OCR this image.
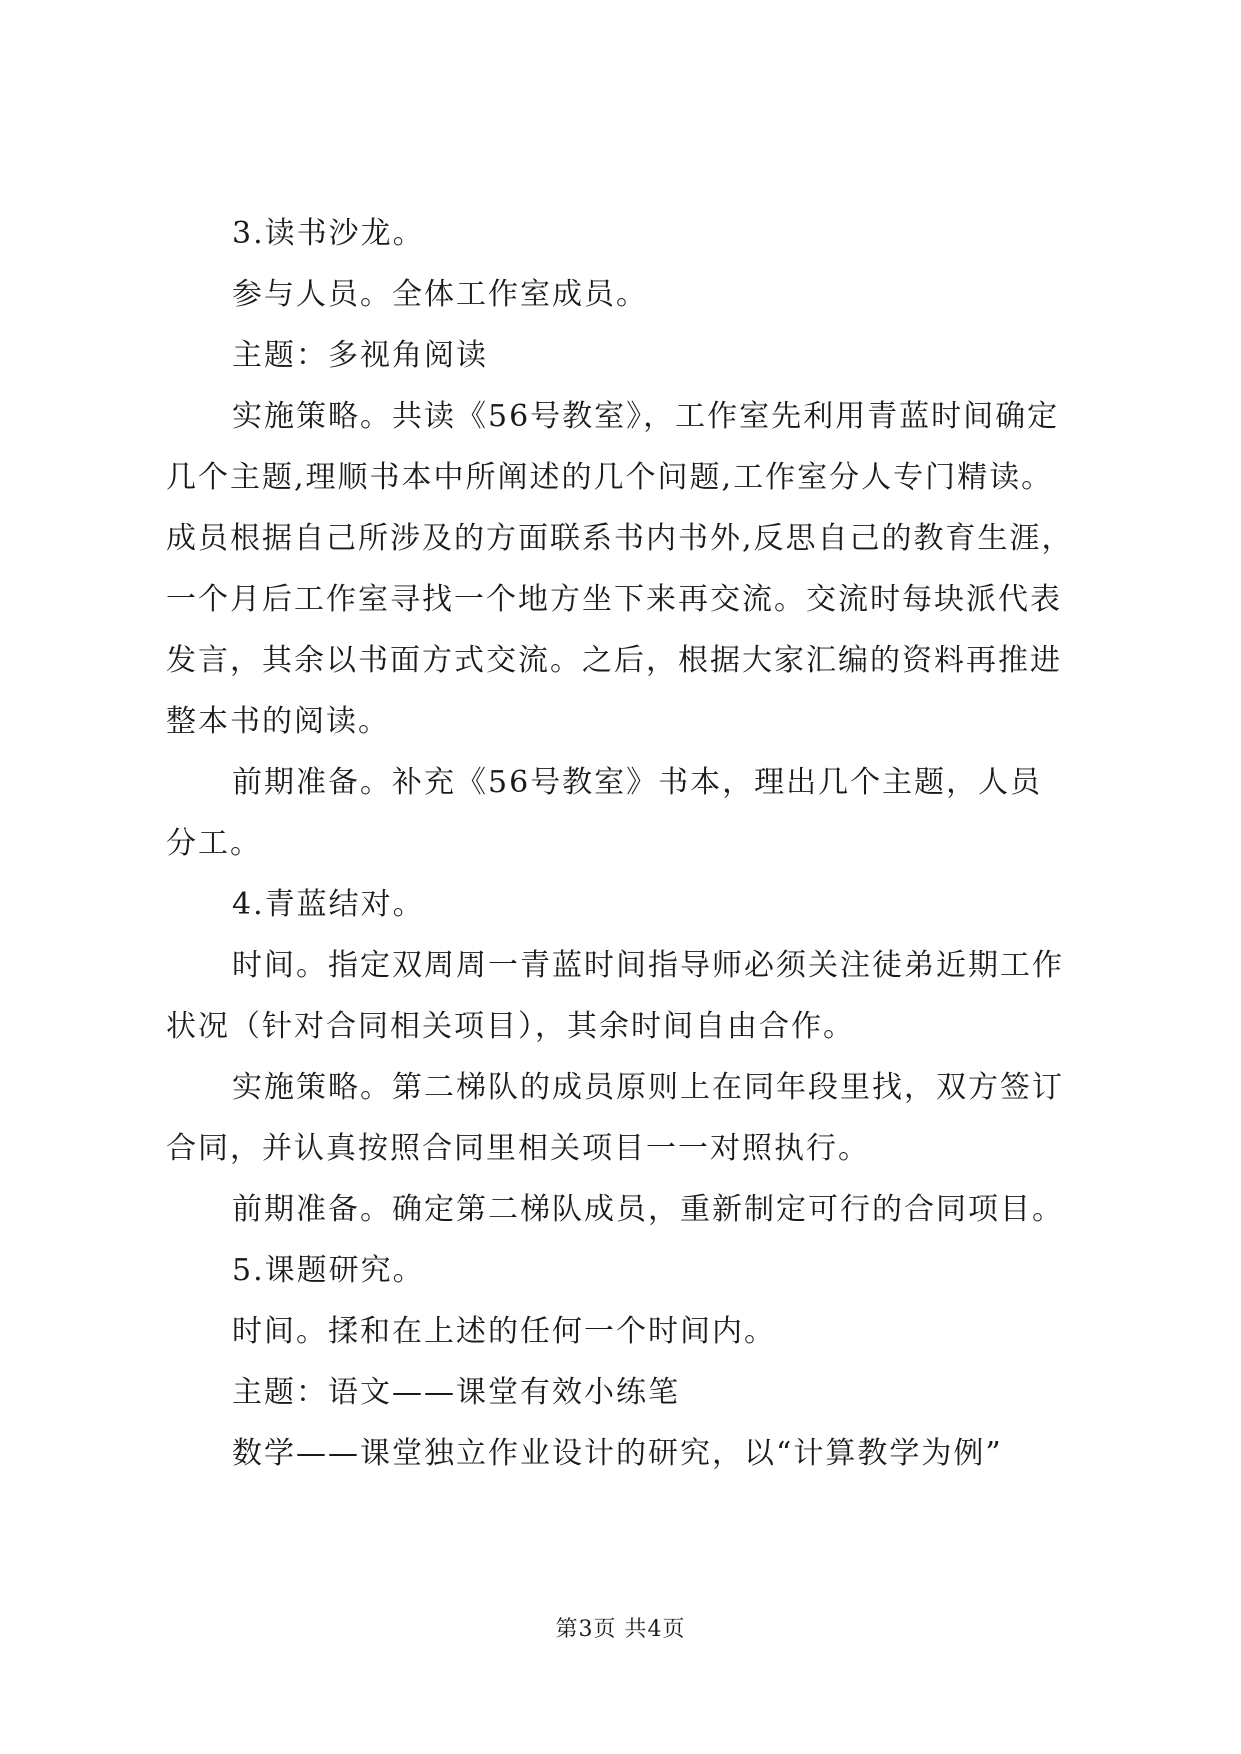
3.读书沙龙。
参与人员。全体工作室成员。
主题：多视角阅读
实施策略。共读《56号教室》，工作室先利用青蓝时间确定
几个主题,理顺书本中所阐述的几个问题,工作室分人专门精读。
成员根据自己所涉及的方面联系书内书外,反思自己的教育生涯，
一个月后工作室寻找一个地方坐下来再交流。交流时每块派代表
发言，其余以书面方式交流。之后，根据大家汇编的资料再推进
整本书的阅读。
前期准备。补充《56号教室》书本，理出几个主题，人员
分工。
4.青蓝结对。
时间。指定双周周一青蓝时间指导师必须关注徒弟近期工作
状况（针对合同相关项目），其余时间自由合作。
实施策略。第二梯队的成员原则上在同年段里找，双方签订
合同，并认真按照合同里相关项目一一对照执行。
前期准备。确定第二梯队成员，重新制定可行的合同项目。
5.课题研究。
时间。揉和在上述的任何一个时间内。
主题：语文——课堂有效小练笔
数学——课堂独立作业设计的研究，以“计算教学为例”
第3页 共4页
